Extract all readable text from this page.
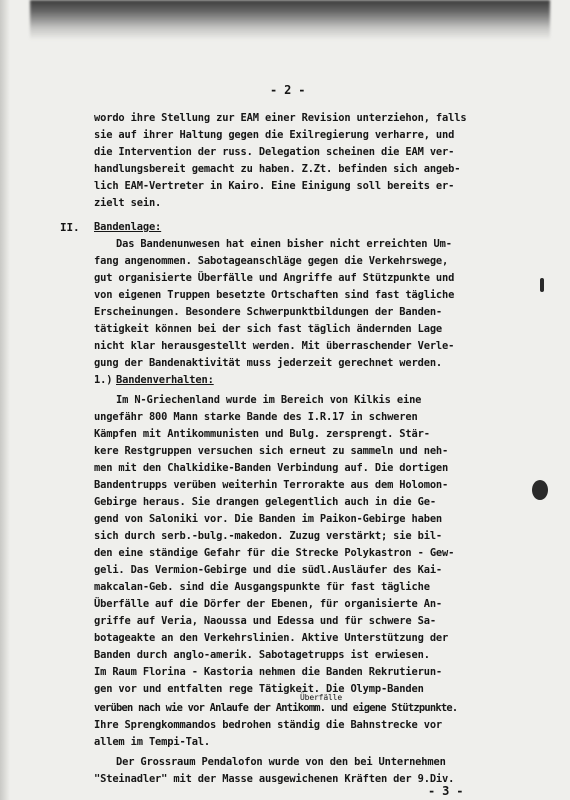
- 2 -
wordo ihre Stellung zur EAM einer Revision unterziehon, falls
sie auf ihrer Haltung gegen die Exilregierung verharre, und
die Intervention der russ. Delegation scheinen die EAM ver-
handlungsbereit gemacht zu haben. Z.Zt. befinden sich angeb-
lich EAM-Vertreter in Kairo. Eine Einigung soll bereits er-
zielt sein.
II. Bandenlage:
Das Bandenunwesen hat einen bisher nicht erreichten Um-
fang angenommen. Sabotageanschläge gegen die Verkehrswege,
gut organisierte Überfälle und Angriffe auf Stützpunkte und
von eigenen Truppen besetzte Ortschaften sind fast tägliche
Erscheinungen. Besondere Schwerpunktbildungen der Banden-
tätigkeit können bei der sich fast täglich ändernden Lage
nicht klar herausgestellt werden. Mit überraschender Verle-
gung der Bandenaktivität muss jederzeit gerechnet werden.
1.) Bandenverhalten:
Im N-Griechenland wurde im Bereich von Kilkis eine
ungefähr 800 Mann starke Bande des I.R.17 in schweren
Kämpfen mit Antikommunisten und Bulg. zersprengt. Stär-
kere Restgruppen versuchen sich erneut zu sammeln und neh-
men mit den Chalkidike-Banden Verbindung auf. Die dortigen
Bandentrupps verüben weiterhin Terrorakte aus dem Holomon-
Gebirge heraus. Sie drangen gelegentlich auch in die Ge-
gend von Saloniki vor. Die Banden im Paikon-Gebirge haben
sich durch serb.-bulg.-makedon. Zuzug verstärkt; sie bil-
den eine ständige Gefahr für die Strecke Polykastron - Gew-
geli. Das Vermion-Gebirge und die südl.Ausläufer des Kai-
makcalan-Geb. sind die Ausgangspunkte für fast tägliche
Überfälle auf die Dörfer der Ebenen, für organisierte An-
griffe auf Veria, Naoussa und Edessa und für schwere Sa-
botageakte an den Verkehrslinien. Aktive Unterstützung der
Banden durch anglo-amerik. Sabotagetrupps ist erwiesen.
Im Raum Florina - Kastoria nehmen die Banden Rekrutierun-
gen vor und entfalten rege Tätigkeit. Die Olymp-Banden
Überfälle
verüben nach wie vor Anlaufe der Antikomm. und eigene Stützpunkte.
Ihre Sprengkommandos bedrohen ständig die Bahnstrecke vor
allem im Tempi-Tal.
Der Grossraum Pendalofon wurde von den bei Unternehmen
"Steinadler" mit der Masse ausgewichenen Kräften der 9.Div.
- 3 -
